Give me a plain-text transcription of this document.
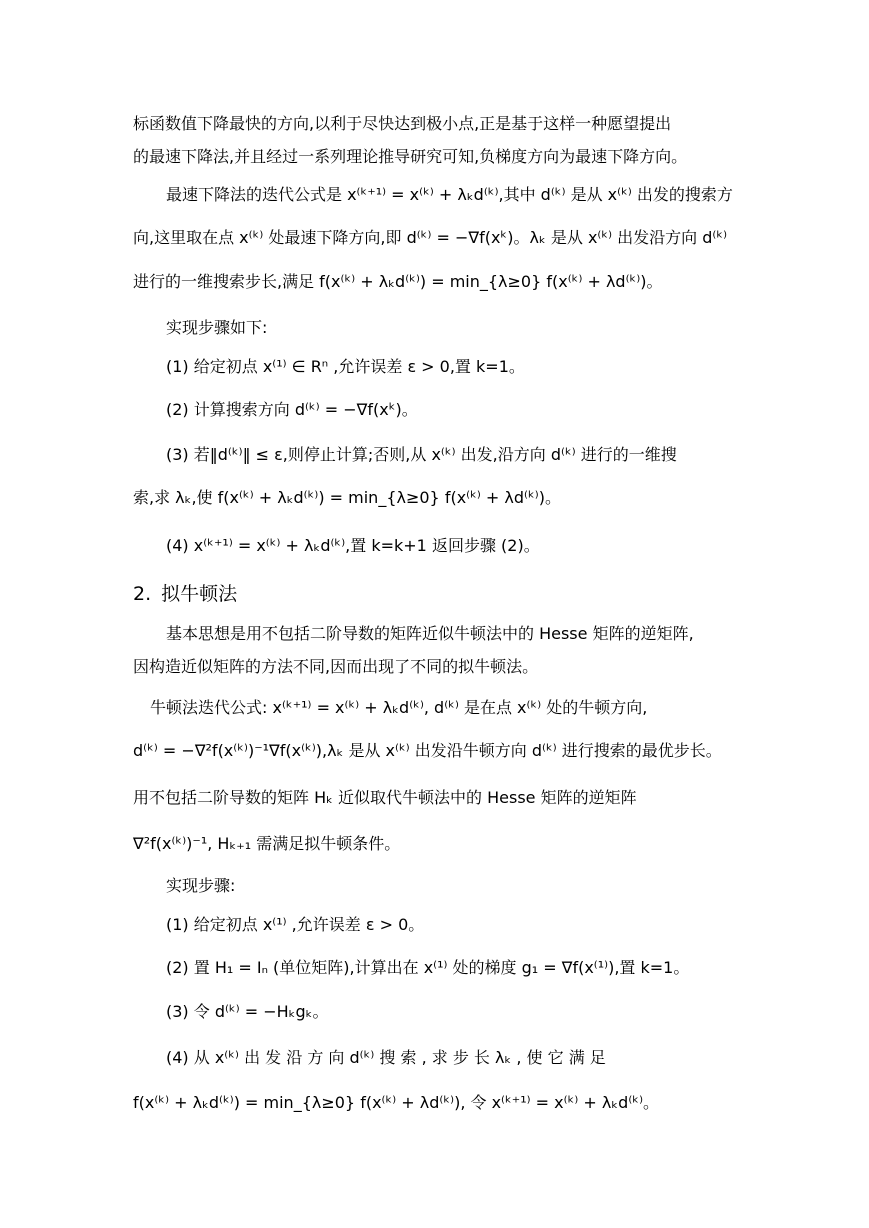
标函数值下降最快的方向,以利于尽快达到极小点,正是基于这样一种愿望提出
的最速下降法,并且经过一系列理论推导研究可知,负梯度方向为最速下降方向。
最速下降法的迭代公式是 x⁽ᵏ⁺¹⁾ = x⁽ᵏ⁾ + λₖd⁽ᵏ⁾,其中 d⁽ᵏ⁾ 是从 x⁽ᵏ⁾ 出发的搜索方
向,这里取在点 x⁽ᵏ⁾ 处最速下降方向,即 d⁽ᵏ⁾ = −∇f(xᵏ)。λₖ 是从 x⁽ᵏ⁾ 出发沿方向 d⁽ᵏ⁾
进行的一维搜索步长,满足 f(x⁽ᵏ⁾ + λₖd⁽ᵏ⁾) = min_{λ≥0} f(x⁽ᵏ⁾ + λd⁽ᵏ⁾)。
实现步骤如下:
(1) 给定初点 x⁽¹⁾ ∈ Rⁿ ,允许误差 ε > 0,置 k=1。
(2) 计算搜索方向 d⁽ᵏ⁾ = −∇f(xᵏ)。
(3) 若‖d⁽ᵏ⁾‖ ≤ ε,则停止计算;否则,从 x⁽ᵏ⁾ 出发,沿方向 d⁽ᵏ⁾ 进行的一维搜
索,求 λₖ,使 f(x⁽ᵏ⁾ + λₖd⁽ᵏ⁾) = min_{λ≥0} f(x⁽ᵏ⁾ + λd⁽ᵏ⁾)。
(4) x⁽ᵏ⁺¹⁾ = x⁽ᵏ⁾ + λₖd⁽ᵏ⁾,置 k=k+1 返回步骤 (2)。
2. 拟牛顿法
基本思想是用不包括二阶导数的矩阵近似牛顿法中的 Hesse 矩阵的逆矩阵,
因构造近似矩阵的方法不同,因而出现了不同的拟牛顿法。
牛顿法迭代公式: x⁽ᵏ⁺¹⁾ = x⁽ᵏ⁾ + λₖd⁽ᵏ⁾, d⁽ᵏ⁾ 是在点 x⁽ᵏ⁾ 处的牛顿方向,
d⁽ᵏ⁾ = −∇²f(x⁽ᵏ⁾)⁻¹∇f(x⁽ᵏ⁾),λₖ 是从 x⁽ᵏ⁾ 出发沿牛顿方向 d⁽ᵏ⁾ 进行搜索的最优步长。
用不包括二阶导数的矩阵 Hₖ 近似取代牛顿法中的 Hesse 矩阵的逆矩阵
∇²f(x⁽ᵏ⁾)⁻¹, Hₖ₊₁ 需满足拟牛顿条件。
实现步骤:
(1) 给定初点 x⁽¹⁾ ,允许误差 ε > 0。
(2) 置 H₁ = Iₙ (单位矩阵),计算出在 x⁽¹⁾ 处的梯度 g₁ = ∇f(x⁽¹⁾),置 k=1。
(3) 令 d⁽ᵏ⁾ = −Hₖgₖ。
(4) 从 x⁽ᵏ⁾ 出 发 沿 方 向 d⁽ᵏ⁾ 搜 索 , 求 步 长 λₖ , 使 它 满 足
f(x⁽ᵏ⁾ + λₖd⁽ᵏ⁾) = min_{λ≥0} f(x⁽ᵏ⁾ + λd⁽ᵏ⁾), 令 x⁽ᵏ⁺¹⁾ = x⁽ᵏ⁾ + λₖd⁽ᵏ⁾。
